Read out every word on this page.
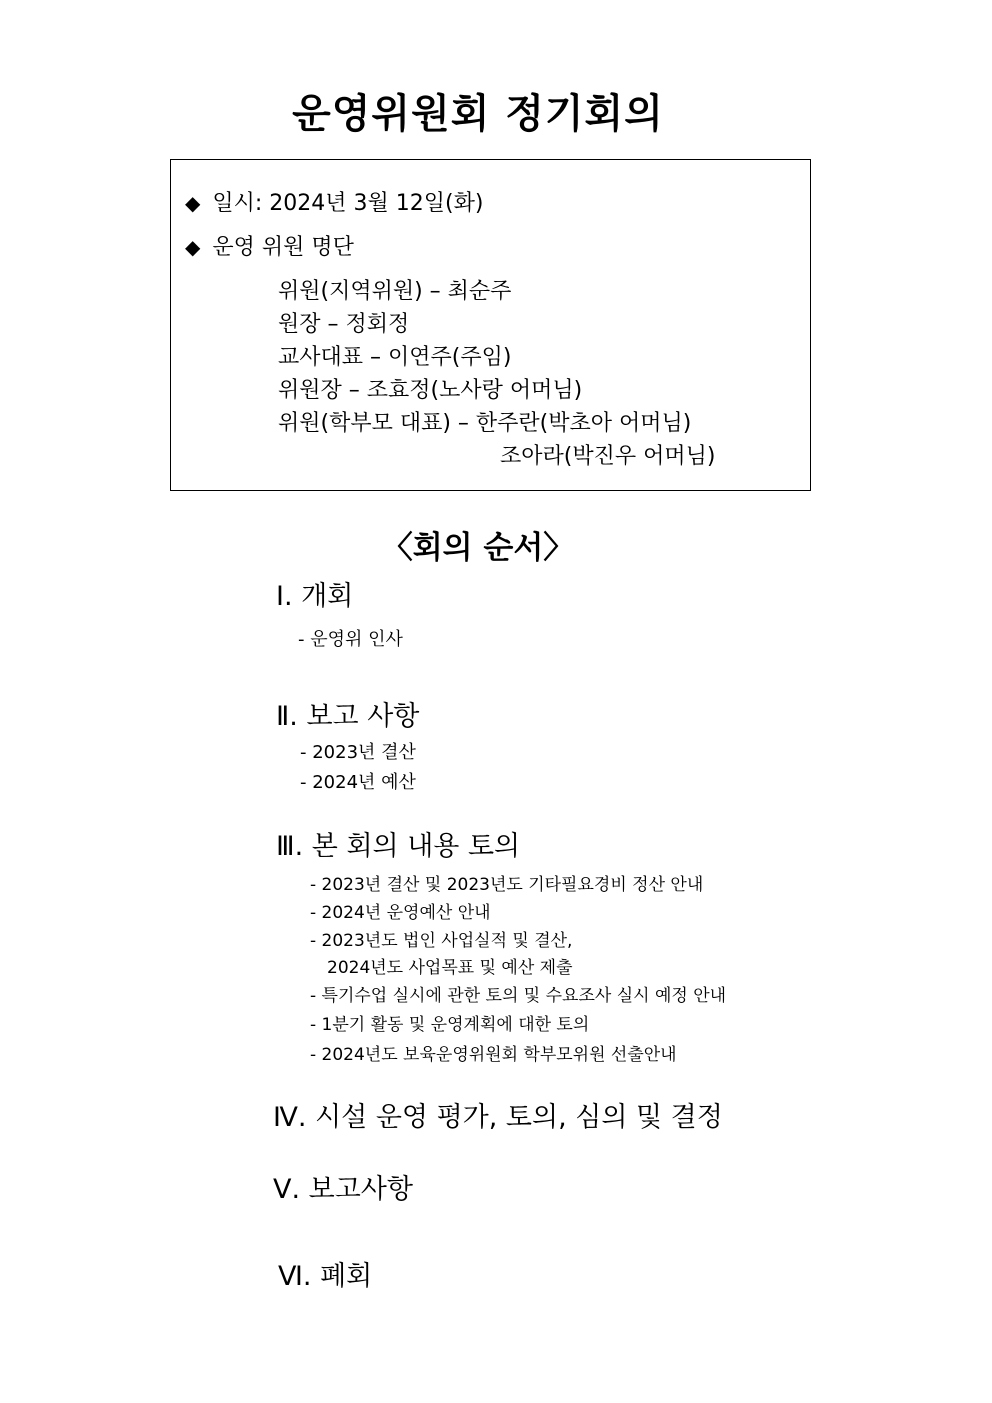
운영위원회 정기회의
◆ 일시: 2024년 3월 12일(화)
◆ 운영 위원 명단
위원(지역위원) – 최순주
원장 – 정회정
교사대표 – 이연주(주임)
위원장 – 조효정(노사랑 어머님)
위원(학부모 대표) – 한주란(박초아 어머님)
조아라(박진우 어머님)
〈회의 순서〉
Ⅰ. 개회
- 운영위 인사
Ⅱ. 보고 사항
- 2023년 결산
- 2024년 예산
Ⅲ. 본 회의 내용 토의
- 2023년 결산 및 2023년도 기타필요경비 정산 안내
- 2024년 운영예산 안내
- 2023년도 법인 사업실적 및 결산,
2024년도 사업목표 및 예산 제출
- 특기수업 실시에 관한 토의 및 수요조사 실시 예정 안내
- 1분기 활동 및 운영계획에 대한 토의
- 2024년도 보육운영위원회 학부모위원 선출안내
Ⅳ. 시설 운영 평가, 토의, 심의 및 결정
Ⅴ. 보고사항
Ⅵ. 폐회
